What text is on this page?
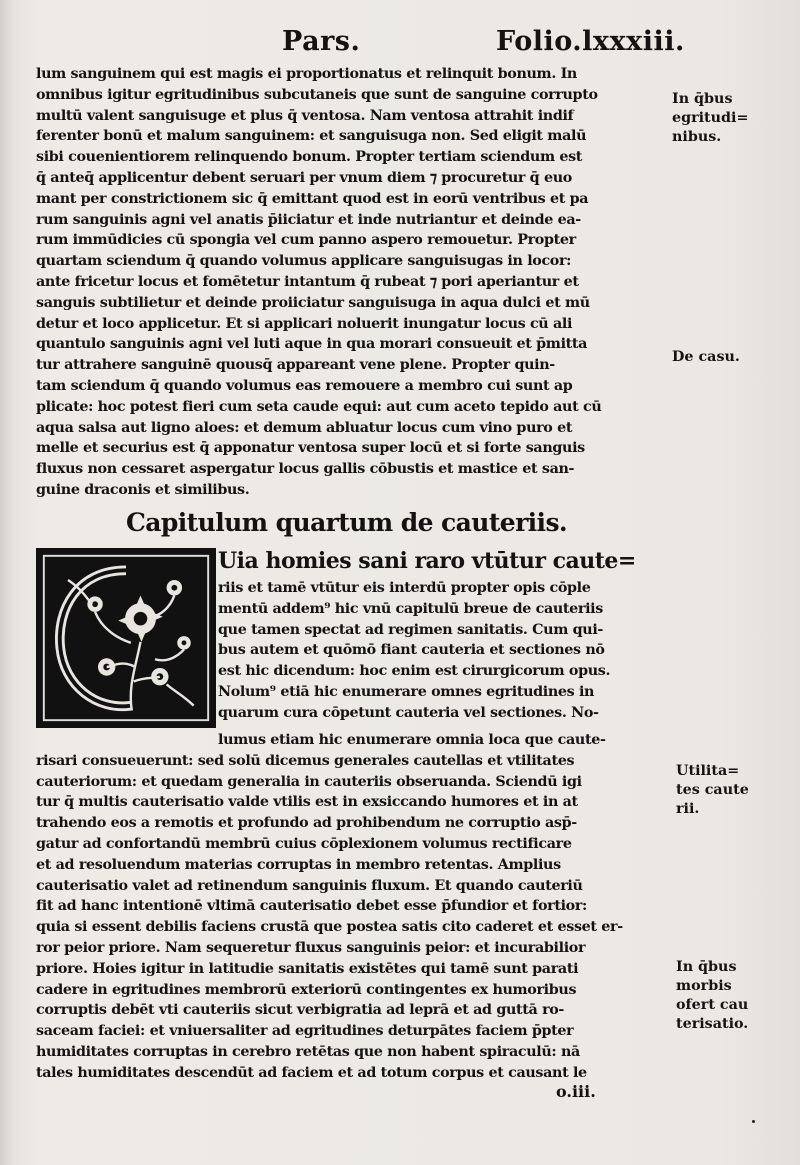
Pars.	Folio.lxxxiii.
lum sanguinem qui est magis ei proportionatus et relinquit bonum. In
omnibus igitur egritudinibus subcutaneis que sunt de sanguine corrupto
multū valent sanguisuge et plus q̄ ventosa. Nam ventosa attrahit indif
ferenter bonū et malum sanguinem: et sanguisuga non. Sed eligit malū
sibi couenientiorem relinquendo bonum. Propter tertiam sciendum est
q̄ anteq̄ applicentur debent seruari per vnum diem ⁊ procuretur q̄ euo
mant per constrictionem sic q̄ emittant quod est in eorū ventribus et pa
rum sanguinis agni vel anatis p̄iiciatur et inde nutriantur et deinde ea-
rum immūdicies cū spongia vel cum panno aspero remouetur. Propter
quartam sciendum q̄ quando volumus applicare sanguisugas in locor:
ante fricetur locus et fomētetur intantum q̄ rubeat ⁊ pori aperiantur et
sanguis subtilietur et deinde proiiciatur sanguisuga in aqua dulci et mū
detur et loco applicetur. Et si applicari noluerit inungatur locus cū ali
quantulo sanguinis agni vel luti aque in qua morari consueuit et p̄mitta
tur attrahere sanguinē quousq̄ appareant vene plene. Propter quin-
tam sciendum q̄ quando volumus eas remouere a membro cui sunt ap
plicate: hoc potest fieri cum seta caude equi: aut cum aceto tepido aut cū
aqua salsa aut ligno aloes: et demum abluatur locus cum vino puro et
melle et securius est q̄ apponatur ventosa super locū et si forte sanguis
fluxus non cessaret aspergatur locus gallis cōbustis et mastice et san-
guine draconis et similibus.
Capitulum quartum de cauteriis.
Uia homies sani raro vtūtur caute=
riis et tamē vtūtur eis interdū propter opis cōple
mentū addem⁹ hic vnū capitulū breue de cauteriis
que tamen spectat ad regimen sanitatis. Cum qui-
bus autem et quōmō fiant cauteria et sectiones nō
est hic dicendum: hoc enim est cirurgicorum opus.
Nolum⁹ etiā hic enumerare omnes egritudines in
quarum cura cōpetunt cauteria vel sectiones. No-
lumus etiam hic enumerare omnia loca que caute-
risari consueuerunt: sed solū dicemus generales cautellas et vtilitates
cauteriorum: et quedam generalia in cauteriis obseruanda. Sciendū igi
tur q̄ multis cauterisatio valde vtilis est in exsiccando humores et in at
trahendo eos a remotis et profundo ad prohibendum ne corruptio asp̄-
gatur ad confortandū membrū cuius cōplexionem volumus rectificare
et ad resoluendum materias corruptas in membro retentas. Amplius
cauterisatio valet ad retinendum sanguinis fluxum. Et quando cauteriū
fit ad hanc intentionē vltimā cauterisatio debet esse p̄fundior et fortior:
quia si essent debilis faciens crustā que postea satis cito caderet et esset er-
ror peior priore. Nam sequeretur fluxus sanguinis peior: et incurabilior
priore. Hoies igitur in latitudie sanitatis existētes qui tamē sunt parati
cadere in egritudines membrorū exteriorū contingentes ex humoribus
corruptis debēt vti cauteriis sicut verbigratia ad leprā et ad guttā ro-
saceam faciei: et vniuersaliter ad egritudines deturpātes faciem p̄pter
humiditates corruptas in cerebro retētas que non habent spiraculū: nā
tales humiditates descendūt ad faciem et ad totum corpus et causant le
In q̄bus
egritudi=
nibus.
De casu.
Utilita=
tes caute
rii.
In q̄bus
morbis
ofert cau
terisatio.
o.iii.
